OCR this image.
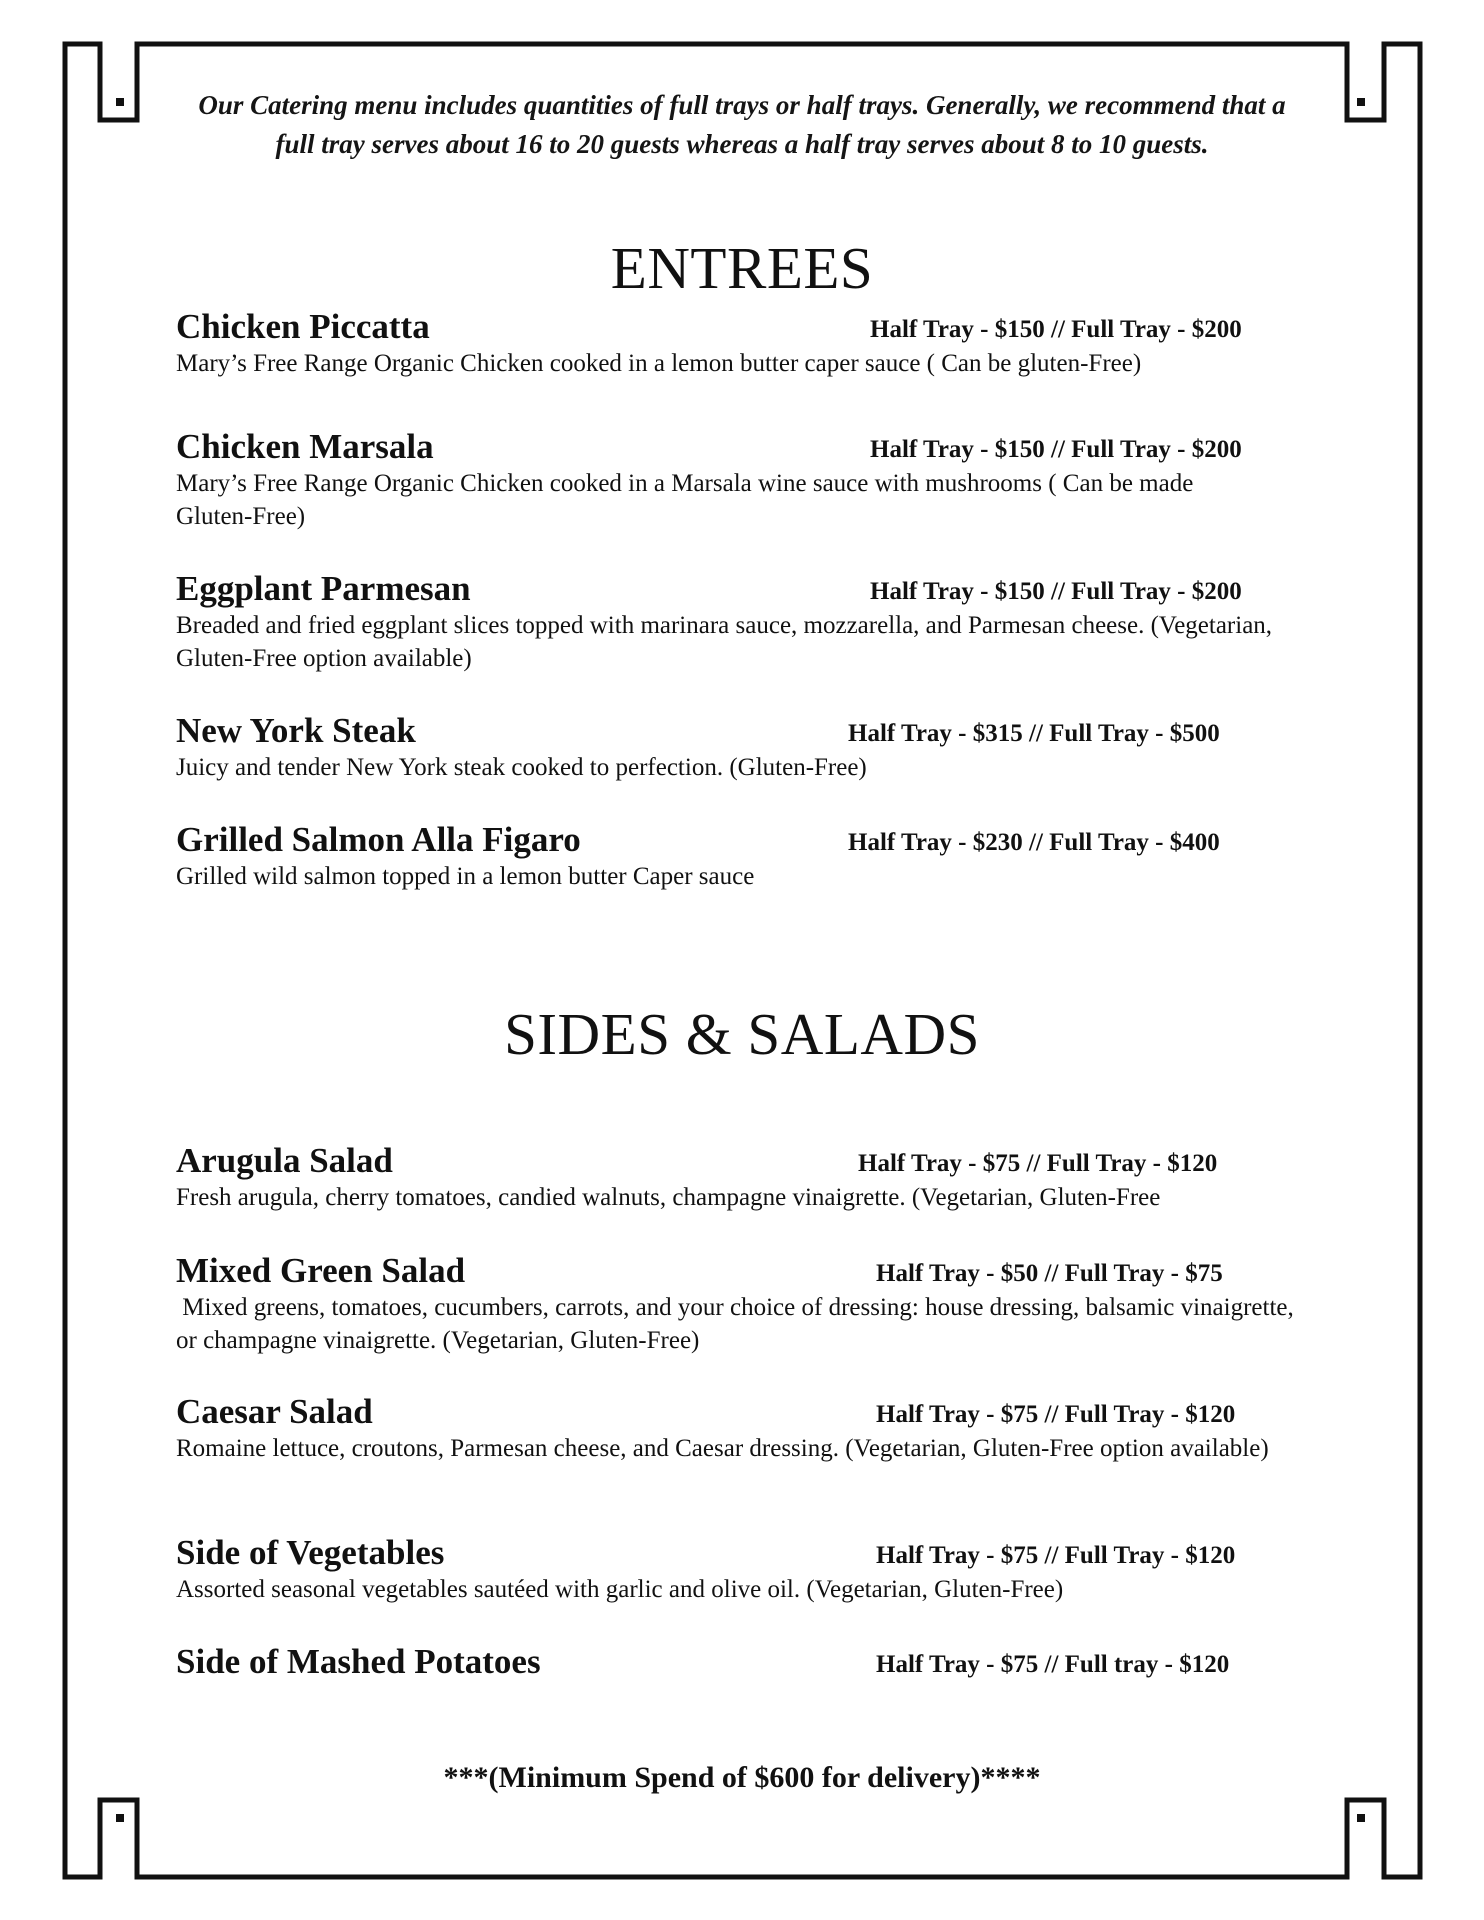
Our Catering menu includes quantities of full trays or half trays. Generally, we recommend that a full tray serves about 16 to 20 guests whereas a half tray serves about 8 to 10 guests.
ENTREES
Chicken Piccatta	Half Tray - $150 // Full Tray - $200
Mary’s Free Range Organic Chicken cooked in a lemon butter caper sauce ( Can be gluten-Free)
Chicken Marsala	Half Tray - $150 // Full Tray - $200
Mary’s Free Range Organic Chicken cooked in a Marsala wine sauce with mushrooms ( Can be made Gluten-Free)
Eggplant Parmesan	Half Tray - $150 // Full Tray - $200
Breaded and fried eggplant slices topped with marinara sauce, mozzarella, and Parmesan cheese. (Vegetarian, Gluten-Free option available)
New York Steak	Half Tray - $315 // Full Tray - $500
Juicy and tender New York steak cooked to perfection. (Gluten-Free)
Grilled Salmon Alla Figaro	Half Tray - $230 // Full Tray - $400
Grilled wild salmon topped in a lemon butter Caper sauce
SIDES & SALADS
Arugula Salad	Half Tray - $75 // Full Tray - $120
Fresh arugula, cherry tomatoes, candied walnuts, champagne vinaigrette. (Vegetarian, Gluten-Free
Mixed Green Salad	Half Tray - $50 // Full Tray - $75
Mixed greens, tomatoes, cucumbers, carrots, and your choice of dressing: house dressing, balsamic vinaigrette, or champagne vinaigrette. (Vegetarian, Gluten-Free)
Caesar Salad	Half Tray - $75 // Full Tray - $120
Romaine lettuce, croutons, Parmesan cheese, and Caesar dressing. (Vegetarian, Gluten-Free option available)
Side of Vegetables	Half Tray - $75 // Full Tray - $120
Assorted seasonal vegetables sautéed with garlic and olive oil. (Vegetarian, Gluten-Free)
Side of Mashed Potatoes	Half Tray - $75 // Full tray - $120
***(Minimum Spend of $600 for delivery)****
